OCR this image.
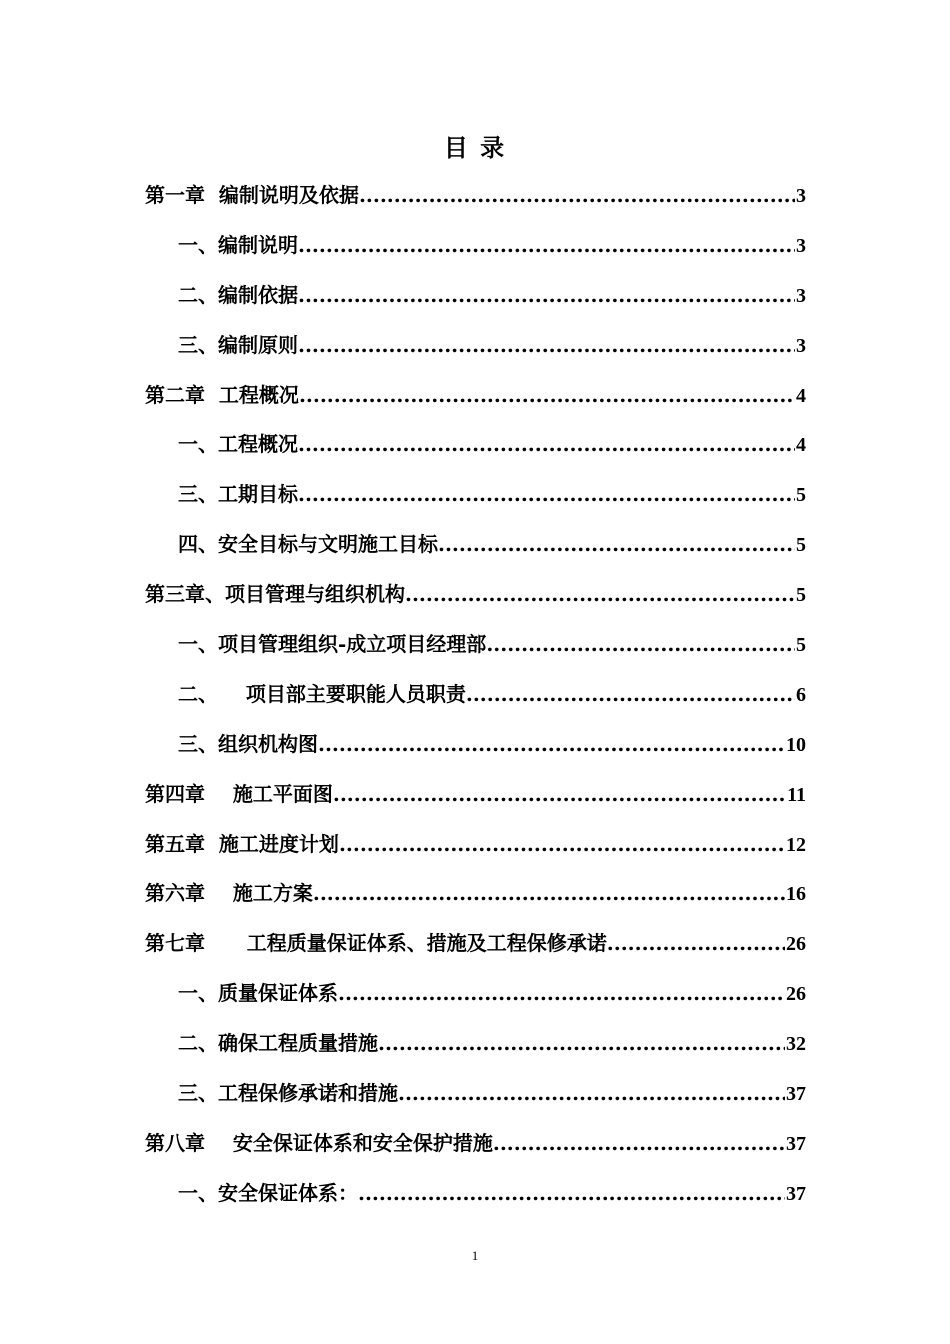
目 录
第一章  编制说明及依据 .....	3
一、编制说明 .....	3
二、编制依据 .....	3
三、编制原则 .....	3
第二章  工程概况 .....	4
一、工程概况 .....	4
三、工期目标 .....	5
四、安全目标与文明施工目标 .....	5
第三章、项目管理与组织机构 .....	5
一、项目管理组织-成立项目经理部 .....	5
二、    项目部主要职能人员职责 .....	6
三、组织机构图 .....	10
第四章    施工平面图 .....	11
第五章  施工进度计划 .....	12
第六章    施工方案 .....	16
第七章      工程质量保证体系、措施及工程保修承诺 .....	26
一、质量保证体系 .....	26
二、确保工程质量措施 .....	32
三、工程保修承诺和措施 .....	37
第八章    安全保证体系和安全保护措施 .....	37
一、安全保证体系： .....	37
1
